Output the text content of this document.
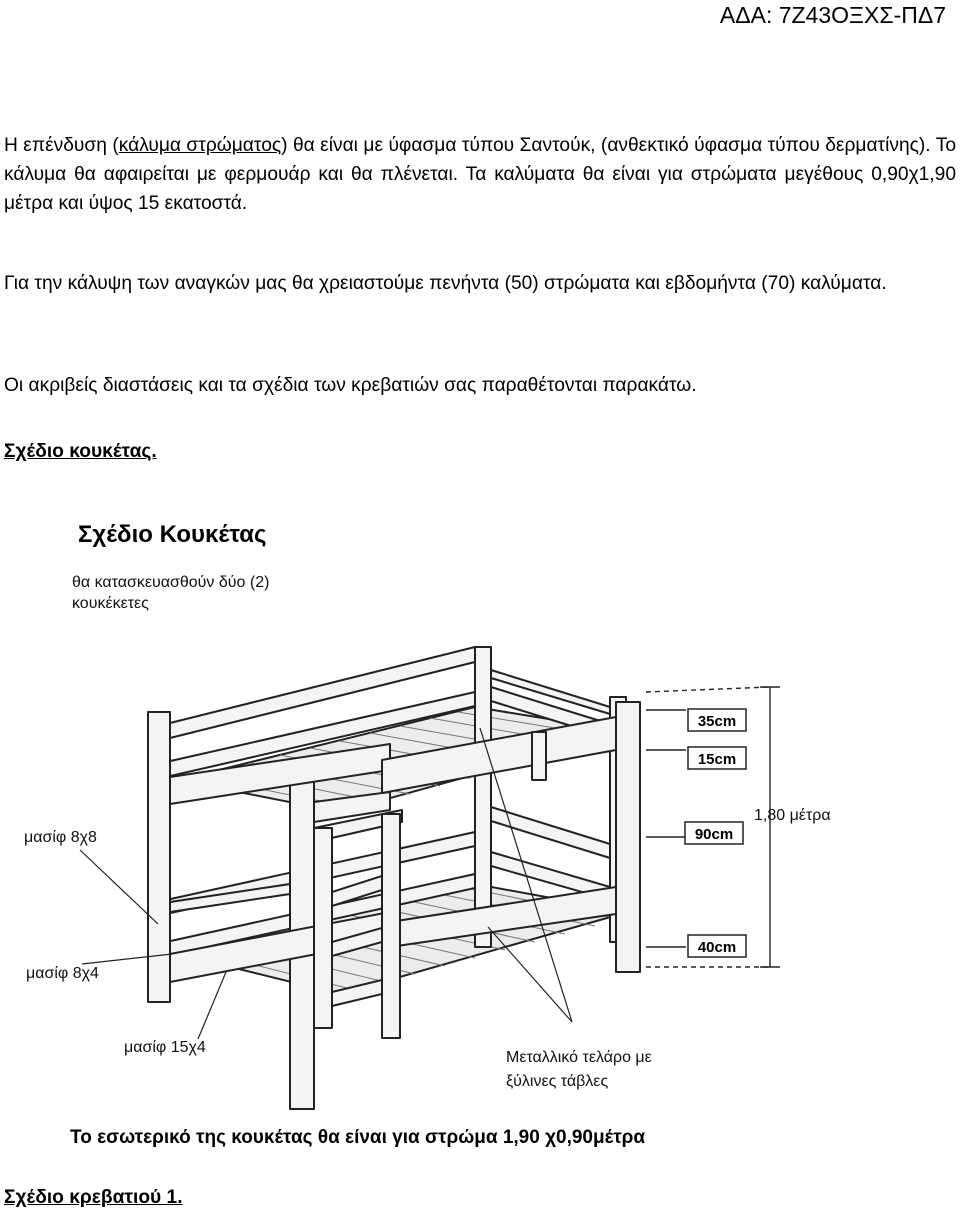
ΑΔΑ: 7Ζ43ΟΞΧΣ-ΠΔ7
Η επένδυση (κάλυμα στρώματος) θα είναι με ύφασμα τύπου Σαντούκ, (ανθεκτικό ύφασμα τύπου δερματίνης). Το κάλυμα θα αφαιρείται με φερμουάρ και θα πλένεται. Τα καλύματα θα είναι για στρώματα μεγέθους 0,90χ1,90 μέτρα και ύψος 15 εκατοστά.
Για την κάλυψη των αναγκών μας θα χρειαστούμε πενήντα (50) στρώματα και εβδομήντα (70) καλύματα.
Οι ακριβείς διαστάσεις και τα σχέδια των κρεβατιών σας παραθέτονται παρακάτω.
Σχέδιο κουκέτας.
Σχέδιο Κουκέτας
θα κατασκευασθούν δύο (2)
κουκέκετες
35cm
15cm
90cm
40cm
1,80 μέτρα
μασίφ 8χ8
μασίφ 8χ4
μασίφ 15χ4
Μεταλλικό τελάρο με
ξύλινες τάβλες
Το εσωτερικό της κουκέτας θα είναι για στρώμα 1,90 χ0,90μέτρα
Σχέδιο κρεβατιού 1.
